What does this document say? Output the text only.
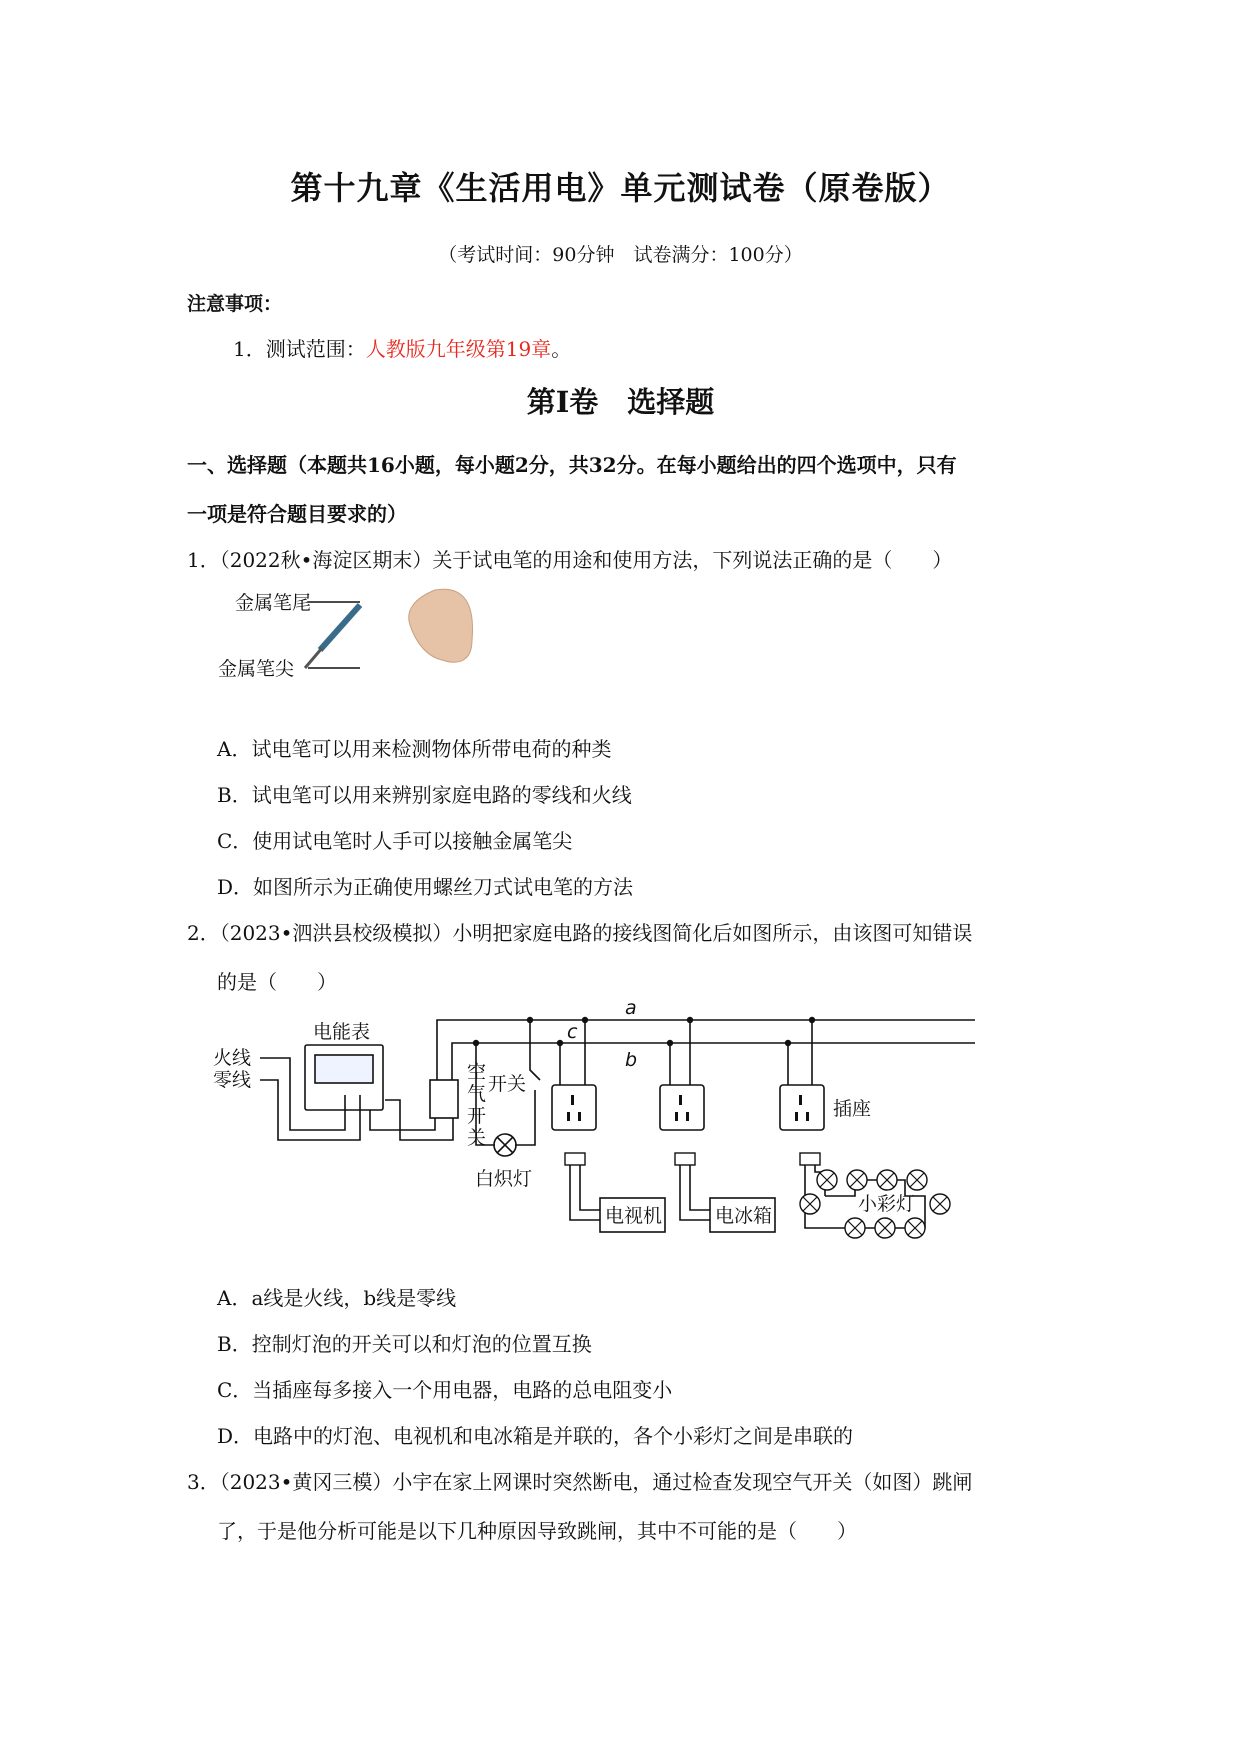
第十九章《生活用电》单元测试卷（原卷版）
（考试时间：90分钟　试卷满分：100分）
注意事项：
1．测试范围：人教版九年级第19章。
第Ⅰ卷　选择题
一、选择题（本题共16小题，每小题2分，共32分。在每小题给出的四个选项中，只有
一项是符合题目要求的）
1．（2022秋•海淀区期末）关于试电笔的用途和使用方法，下列说法正确的是（　　）
金属笔尾
金属笔尖
A．试电笔可以用来检测物体所带电荷的种类
B．试电笔可以用来辨别家庭电路的零线和火线
C．使用试电笔时人手可以接触金属笔尖
D．如图所示为正确使用螺丝刀式试电笔的方法
2．（2023•泗洪县校级模拟）小明把家庭电路的接线图简化后如图所示，由该图可知错误
的是（　　）
火线
零线
电能表
空
气
开
关
开关
白炽灯
a
b
c
插座
电视机	电冰箱
小彩灯
A．a线是火线，b线是零线
B．控制灯泡的开关可以和灯泡的位置互换
C．当插座每多接入一个用电器，电路的总电阻变小
D．电路中的灯泡、电视机和电冰箱是并联的，各个小彩灯之间是串联的
3．（2023•黄冈三模）小宇在家上网课时突然断电，通过检查发现空气开关（如图）跳闸
了，于是他分析可能是以下几种原因导致跳闸，其中不可能的是（　　）
